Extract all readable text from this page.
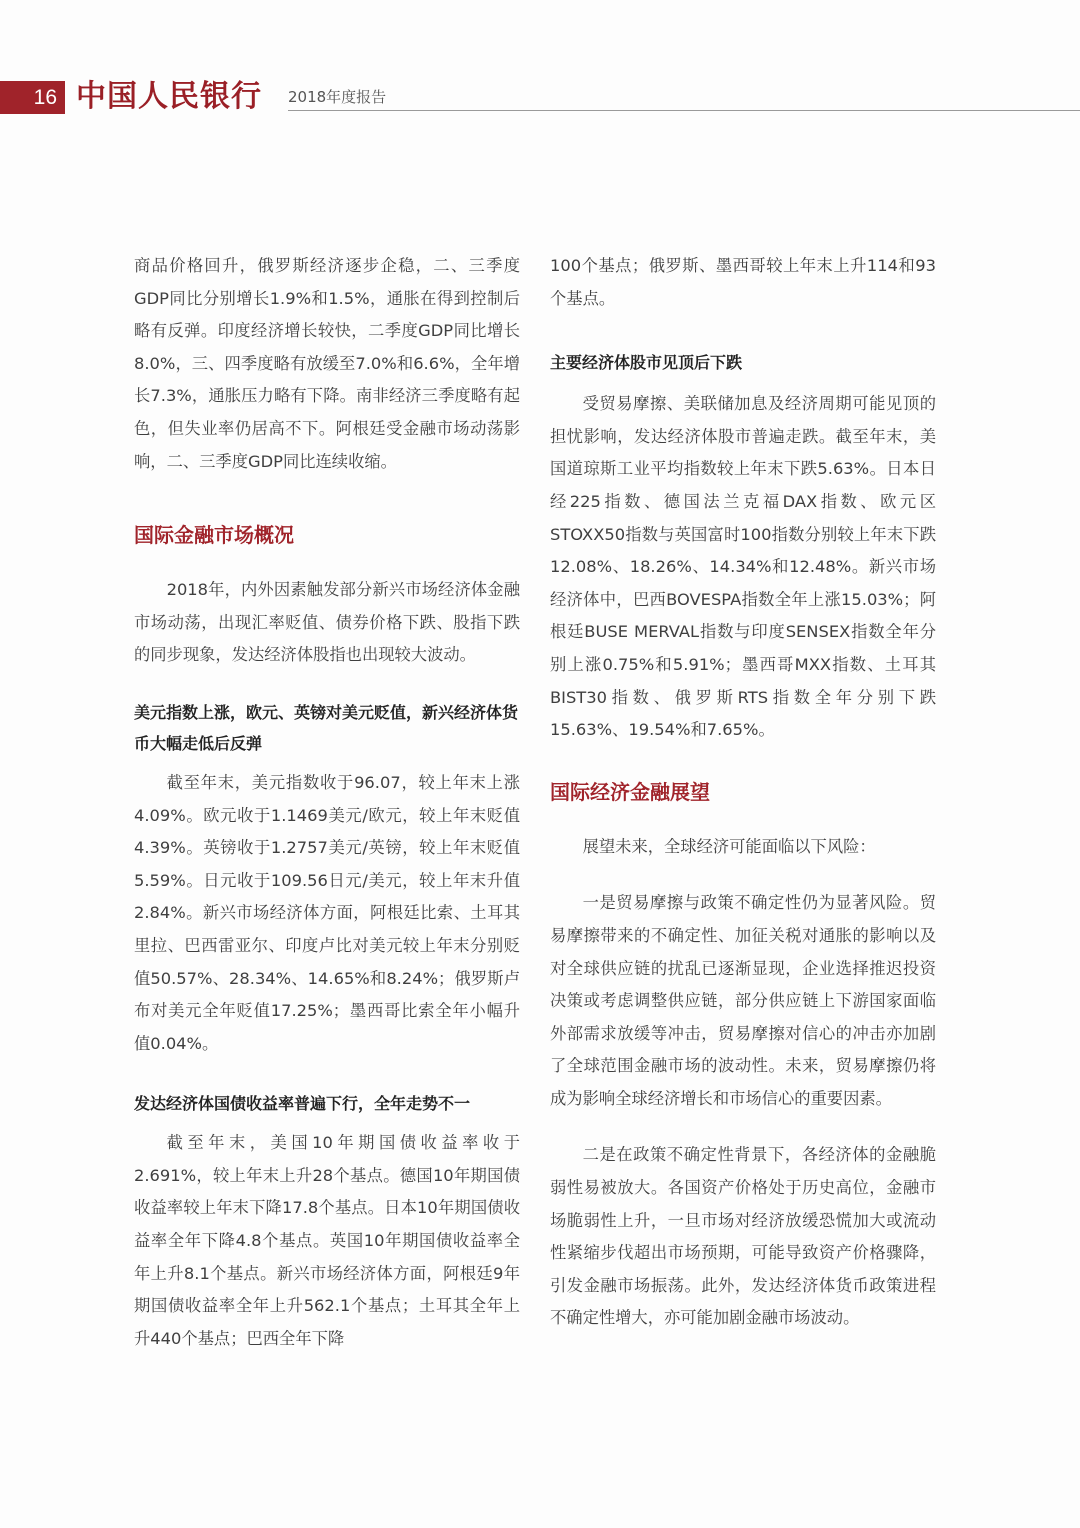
16 中国人民银行 2018年度报告

商品价格回升，俄罗斯经济逐步企稳，二、三季度GDP同比分别增长1.9%和1.5%，通胀在得到控制后略有反弹。印度经济增长较快，二季度GDP同比增长8.0%，三、四季度略有放缓至7.0%和6.6%，全年增长7.3%，通胀压力略有下降。南非经济三季度略有起色，但失业率仍居高不下。阿根廷受金融市场动荡影响，二、三季度GDP同比连续收缩。

国际金融市场概况

2018年，内外因素触发部分新兴市场经济体金融市场动荡，出现汇率贬值、债券价格下跌、股指下跌的同步现象，发达经济体股指也出现较大波动。

美元指数上涨，欧元、英镑对美元贬值，新兴经济体货币大幅走低后反弹

截至年末，美元指数收于96.07，较上年末上涨4.09%。欧元收于1.1469美元/欧元，较上年末贬值4.39%。英镑收于1.2757美元/英镑，较上年末贬值5.59%。日元收于109.56日元/美元，较上年末升值2.84%。新兴市场经济体方面，阿根廷比索、土耳其里拉、巴西雷亚尔、印度卢比对美元较上年末分别贬值50.57%、28.34%、14.65%和8.24%；俄罗斯卢布对美元全年贬值17.25%；墨西哥比索全年小幅升值0.04%。

发达经济体国债收益率普遍下行，全年走势不一

截至年末，美国10年期国债收益率收于2.691%，较上年末上升28个基点。德国10年期国债收益率较上年末下降17.8个基点。日本10年期国债收益率全年下降4.8个基点。英国10年期国债收益率全年上升8.1个基点。新兴市场经济体方面，阿根廷9年期国债收益率全年上升562.1个基点；土耳其全年上升440个基点；巴西全年下降

100个基点；俄罗斯、墨西哥较上年末上升114和93个基点。

主要经济体股市见顶后下跌

受贸易摩擦、美联储加息及经济周期可能见顶的担忧影响，发达经济体股市普遍走跌。截至年末，美国道琼斯工业平均指数较上年末下跌5.63%。日本日经225指数、德国法兰克福DAX指数、欧元区STOXX50指数与英国富时100指数分别较上年末下跌12.08%、18.26%、14.34%和12.48%。新兴市场经济体中，巴西BOVESPA指数全年上涨15.03%；阿根廷BUSE MERVAL指数与印度SENSEX指数全年分别上涨0.75%和5.91%；墨西哥MXX指数、土耳其BIST30指数、俄罗斯RTS指数全年分别下跌15.63%、19.54%和7.65%。

国际经济金融展望

展望未来，全球经济可能面临以下风险：

一是贸易摩擦与政策不确定性仍为显著风险。贸易摩擦带来的不确定性、加征关税对通胀的影响以及对全球供应链的扰乱已逐渐显现，企业选择推迟投资决策或考虑调整供应链，部分供应链上下游国家面临外部需求放缓等冲击，贸易摩擦对信心的冲击亦加剧了全球范围金融市场的波动性。未来，贸易摩擦仍将成为影响全球经济增长和市场信心的重要因素。

二是在政策不确定性背景下，各经济体的金融脆弱性易被放大。各国资产价格处于历史高位，金融市场脆弱性上升，一旦市场对经济放缓恐慌加大或流动性紧缩步伐超出市场预期，可能导致资产价格骤降，引发金融市场振荡。此外，发达经济体货币政策进程不确定性增大，亦可能加剧金融市场波动。
